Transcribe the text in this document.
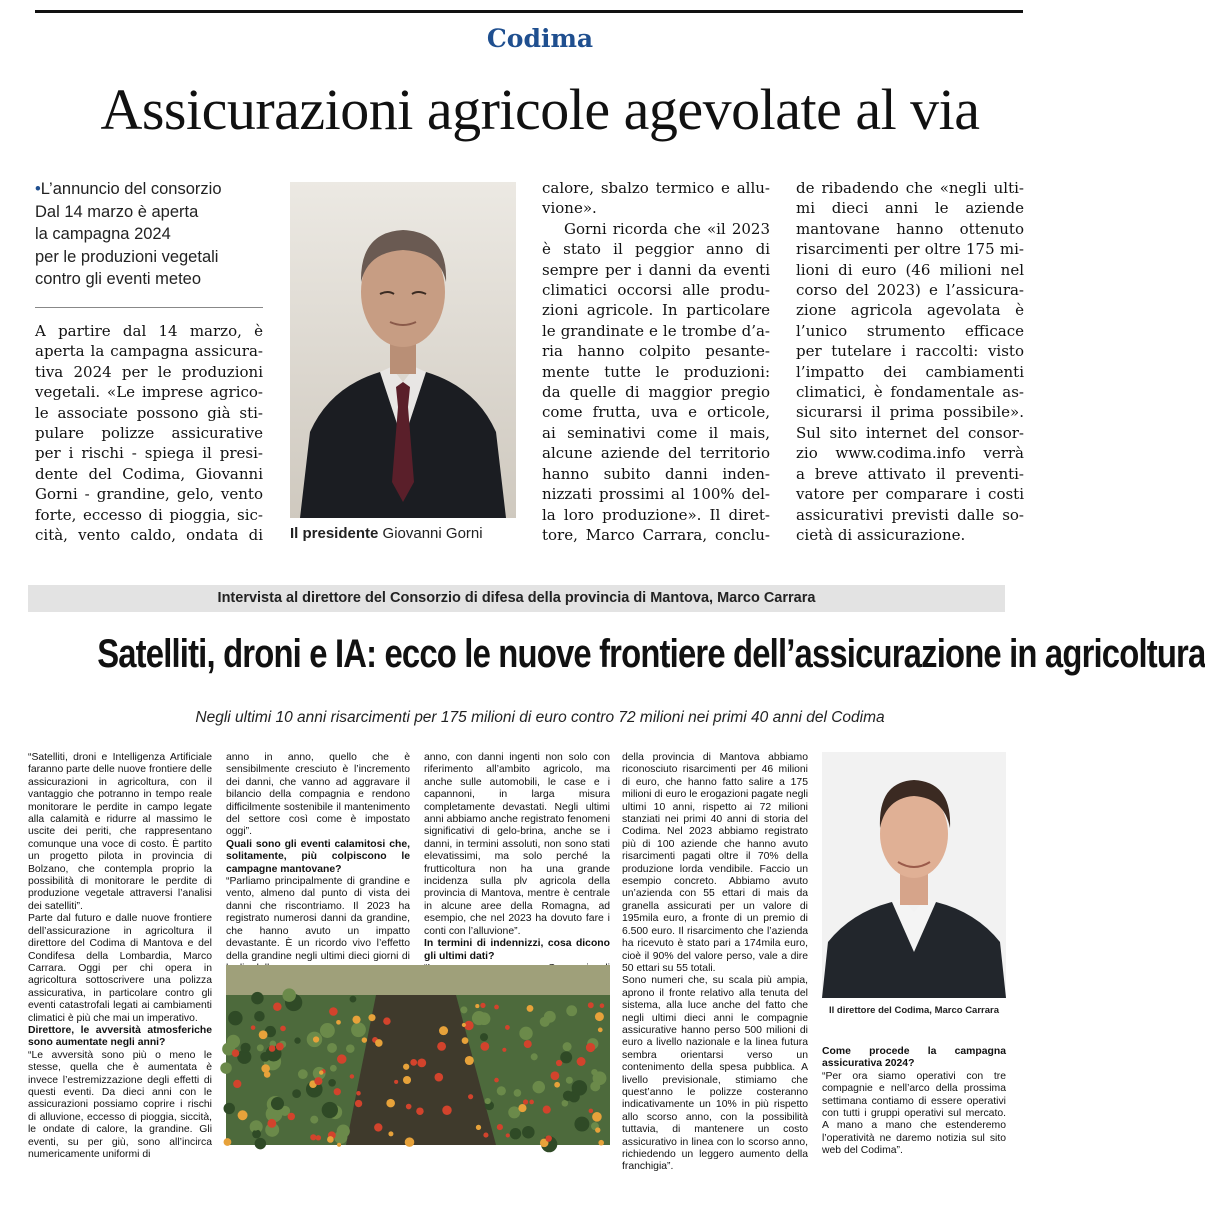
Codima
Assicurazioni agricole agevolate al via
•L’annuncio del consorzio
Dal 14 marzo è aperta
la campagna 2024
per le produzioni vegetali
contro gli eventi meteo
A partire dal 14 marzo, è
aperta la campagna assicura-
tiva 2024 per le produzioni
vegetali. «Le imprese agrico-
le associate possono già sti-
pulare polizze assicurative
per i rischi - spiega il presi-
dente del Codima, Giovanni
Gorni - grandine, gelo, vento
forte, eccesso di pioggia, sic-
cità, vento caldo, ondata di Il presidente Giovanni Gorni
calore, sbalzo termico e allu-
vione».
Gorni ricorda che «il 2023
è stato il peggior anno di
sempre per i danni da eventi
climatici occorsi alle produ-
zioni agricole. In particolare
le grandinate e le trombe d’a-
ria hanno colpito pesante-
mente tutte le produzioni:
da quelle di maggior pregio
come frutta, uva e orticole,
ai seminativi come il mais,
alcune aziende del territorio
hanno subito danni inden-
nizzati prossimi al 100% del-
la loro produzione». Il diret-
tore, Marco Carrara, conclu-
de ribadendo che «negli ulti-
mi dieci anni le aziende
mantovane hanno ottenuto
risarcimenti per oltre 175 mi-
lioni di euro (46 milioni nel
corso del 2023) e l’assicura-
zione agricola agevolata è
l’unico strumento efficace
per tutelare i raccolti: visto
l’impatto dei cambiamenti
climatici, è fondamentale as-
sicurarsi il prima possibile».
Sul sito internet del consor-
zio www.codima.info verrà
a breve attivato il preventi-
vatore per comparare i costi
assicurativi previsti dalle so-
cietà di assicurazione.
Intervista al direttore del Consorzio di difesa della provincia di Mantova, Marco Carrara
Satelliti, droni e IA: ecco le nuove frontiere dell’assicurazione in agricoltura
Negli ultimi 10 anni risarcimenti per 175 milioni di euro contro 72 milioni nei primi 40 anni del Codima

“Satelliti, droni e Intelligenza Artificiale faranno parte delle nuove frontiere delle assicurazioni in agricoltura, con il vantaggio che potranno in tempo reale monitorare le perdite in campo legate alla calamità e ridurre al massimo le uscite dei periti, che rappresentano comunque una voce di costo. È partito un progetto pilota in provincia di Bolzano, che contempla proprio la possibilità di monitorare le perdite di produzione vegetale attraversi l’analisi dei satelliti”.

Parte dal futuro e dalle nuove frontiere dell’assicurazione in agricoltura il direttore del Codima di Mantova e del Condifesa della Lombardia, Marco Carrara. Oggi per chi opera in agricoltura sottoscrivere una polizza assicurativa, in particolare contro gli eventi catastrofali legati ai cambiamenti climatici è più che mai un imperativo.

Direttore, le avversità atmosferiche sono aumentate negli anni?

“Le avversità sono più o meno le stesse, quella che è aumentata è invece l’estremizzazione degli effetti di questi eventi. Da dieci anni con le assicurazioni possiamo coprire i rischi di alluvione, eccesso di pioggia, siccità, le ondate di calore, la grandine. Gli eventi, su per giù, sono all’incirca numericamente uniformi di

anno in anno, quello che è sensibilmente cresciuto è l’incremento dei danni, che vanno ad aggravare il bilancio della compagnia e rendono difficilmente sostenibile il mantenimento del settore così come è impostato oggi”.

Quali sono gli eventi calamitosi che, solitamente, più colpiscono le campagne mantovane?

“Parliamo principalmente di grandine e vento, almeno dal punto di vista dei danni che riscontriamo. Il 2023 ha registrato numerosi danni da grandine, che hanno avuto un impatto devastante. È un ricordo vivo l’effetto della grandine negli ultimi dieci giorni di

anno, con danni ingenti non solo con riferimento all’ambito agricolo, ma anche sulle automobili, le case e i capannoni, in larga misura completamente devastati. Negli ultimi anni abbiamo anche registrato fenomeni significativi di gelo-brina, anche se i danni, in termini assoluti, non sono stati elevatissimi, ma solo perché la frutticoltura non ha una grande incidenza sulla plv agricola della provincia di Mantova, mentre è centrale in alcune aree della Romagna, ad esempio, che nel 2023 ha dovuto fare i conti con l’alluvione”.

In termini di indennizzi, cosa dicono gli ultimi dati?

della provincia di Mantova abbiamo riconosciuto risarcimenti per 46 milioni di euro, che hanno fatto salire a 175 milioni di euro le erogazioni pagate negli ultimi 10 anni, rispetto ai 72 milioni stanziati nei primi 40 anni di storia del Codima. Nel 2023 abbiamo registrato più di 100 aziende che hanno avuto risarcimenti pagati oltre il 70% della produzione lorda vendibile. Faccio un esempio concreto. Abbiamo avuto un’azienda con 55 ettari di mais da granella assicurati per un valore di 195mila euro, a fronte di un premio di 6.500 euro. Il risarcimento che l’azienda ha ricevuto è stato pari a 174mila euro, cioè il 90% del valore perso, vale a dire 50 ettari su 55 totali.

Sono numeri che, su scala più ampia, aprono il fronte relativo alla tenuta del sistema, alla luce anche del fatto che negli ultimi dieci anni le compagnie assicurative hanno perso 500 milioni di euro a livello nazionale e la linea futura sembra orientarsi verso un contenimento della spesa pubblica. A livello previsionale, stimiamo che quest’anno le polizze costeranno indicativamente un 10% in più rispetto allo scorso anno, con la possibilità tuttavia, di mantenere un costo assicurativo in linea con lo scorso anno, richiedendo un leggero aumento della franchigia”.

Il direttore del Codima, Marco Carrara

Come procede la campagna assicurativa 2024?

“Per ora siamo operativi con tre compagnie e nell’arco della prossima settimana contiamo di essere operativi con tutti i gruppi operativi sul mercato. A mano a mano che estenderemo l’operatività ne daremo notizia sul sito web del Codima”.
